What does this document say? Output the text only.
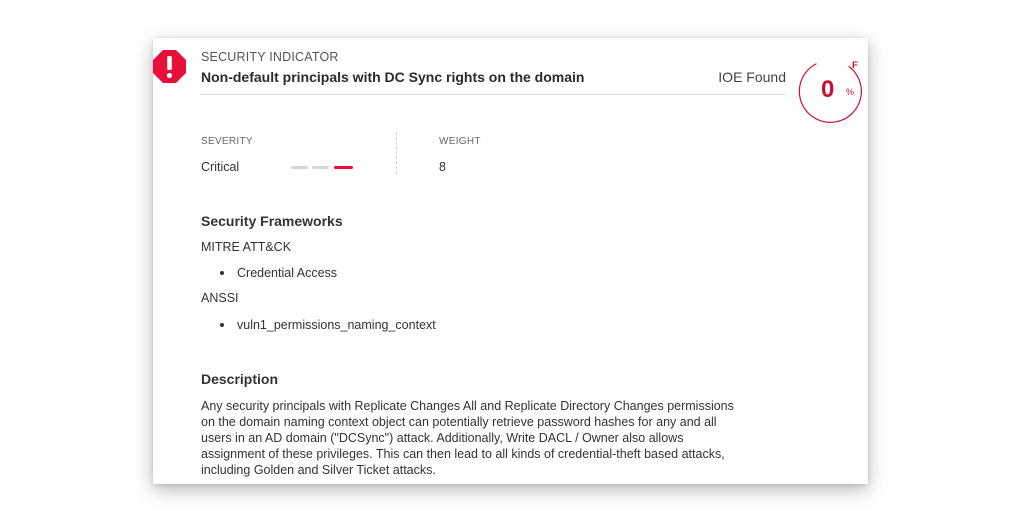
SECURITY INDICATOR
Non-default principals with DC Sync rights on the domain	IOE Found
F
0 %
SEVERITY
Critical
WEIGHT
8
Security Frameworks
MITRE ATT&CK
Credential Access
ANSSI
vuln1_permissions_naming_context
Description

Any security principals with Replicate Changes All and Replicate Directory Changes permissions on the domain naming context object can potentially retrieve password hashes for any and all users in an AD domain ("DCSync") attack. Additionally, Write DACL / Owner also allows assignment of these privileges. This can then lead to all kinds of credential-theft based attacks, including Golden and Silver Ticket attacks.
